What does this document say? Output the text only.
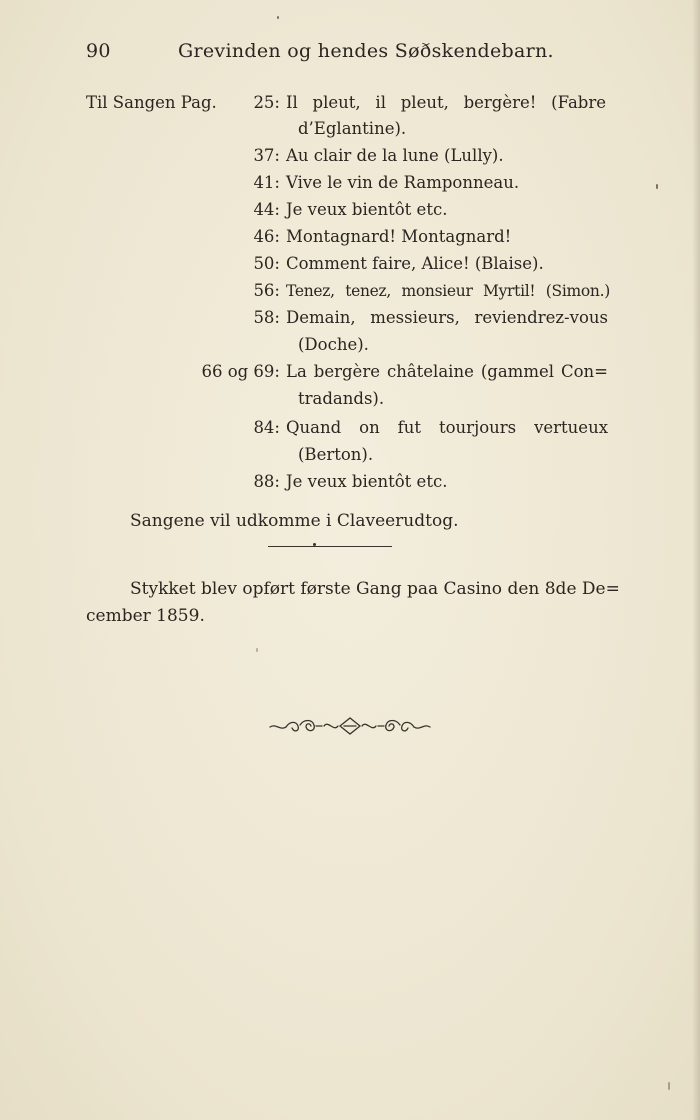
90	Grevinden og hendes Søðskendebarn.
Til Sangen Pag.	25: Il pleut, il pleut, bergère! (Fabre
d’Eglantine).
37: Au clair de la lune (Lully).
41: Vive le vin de Ramponneau.
44: Je veux bientôt etc.
46: Montagnard! Montagnard!
50: Comment faire, Alice! (Blaise).
56: Tenez, tenez, monsieur Myrtil! (Simon.)
58: Demain, messieurs, reviendrez-vous
(Doche).
66 og 69: La bergère châtelaine (gammel Con=
tradands).
84: Quand on fut tourjours vertueux
(Berton).
88: Je veux bientôt etc.
Sangene vil udkomme i Claveerudtog.
Stykket blev opført første Gang paa Casino den 8de De=
cember 1859.
